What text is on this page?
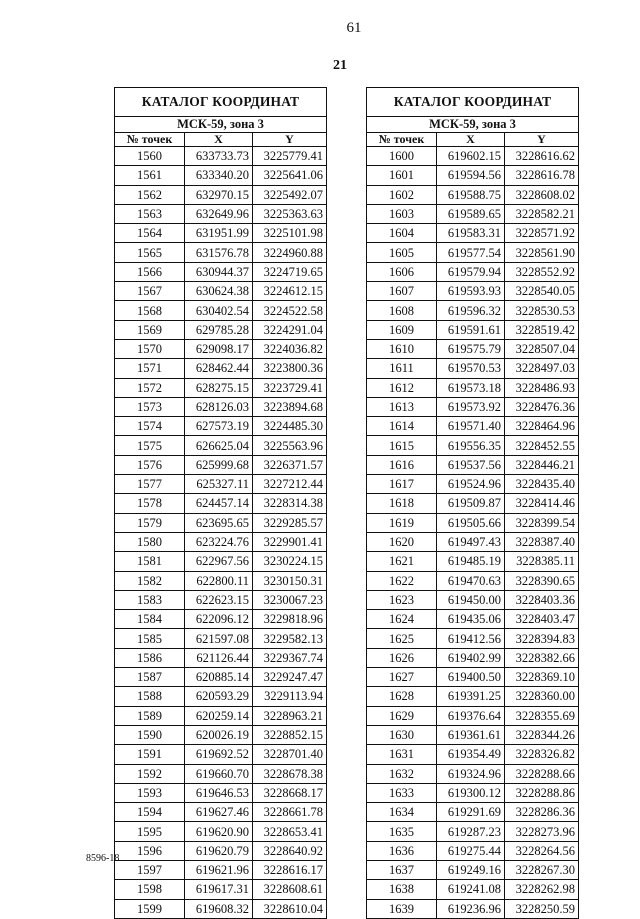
61
21
КАТАЛОГ КООРДИНАТ		
МСК-59, зона 3		
№ точек	X	Y
1560	633733.73	3225779.41
1561	633340.20	3225641.06
1562	632970.15	3225492.07
1563	632649.96	3225363.63
1564	631951.99	3225101.98
1565	631576.78	3224960.88
1566	630944.37	3224719.65
1567	630624.38	3224612.15
1568	630402.54	3224522.58
1569	629785.28	3224291.04
1570	629098.17	3224036.82
1571	628462.44	3223800.36
1572	628275.15	3223729.41
1573	628126.03	3223894.68
1574	627573.19	3224485.30
1575	626625.04	3225563.96
1576	625999.68	3226371.57
1577	625327.11	3227212.44
1578	624457.14	3228314.38
1579	623695.65	3229285.57
1580	623224.76	3229901.41
1581	622967.56	3230224.15
1582	622800.11	3230150.31
1583	622623.15	3230067.23
1584	622096.12	3229818.96
1585	621597.08	3229582.13
1586	621126.44	3229367.74
1587	620885.14	3229247.47
1588	620593.29	3229113.94
1589	620259.14	3228963.21
1590	620026.19	3228852.15
1591	619692.52	3228701.40
1592	619660.70	3228678.38
1593	619646.53	3228668.17
1594	619627.46	3228661.78
1595	619620.90	3228653.41
1596	619620.79	3228640.92
1597	619621.96	3228616.17
1598	619617.31	3228608.61
1599	619608.32	3228610.04
КАТАЛОГ КООРДИНАТ		
МСК-59, зона 3		
№ точек	X	Y
1600	619602.15	3228616.62
1601	619594.56	3228616.78
1602	619588.75	3228608.02
1603	619589.65	3228582.21
1604	619583.31	3228571.92
1605	619577.54	3228561.90
1606	619579.94	3228552.92
1607	619593.93	3228540.05
1608	619596.32	3228530.53
1609	619591.61	3228519.42
1610	619575.79	3228507.04
1611	619570.53	3228497.03
1612	619573.18	3228486.93
1613	619573.92	3228476.36
1614	619571.40	3228464.96
1615	619556.35	3228452.55
1616	619537.56	3228446.21
1617	619524.96	3228435.40
1618	619509.87	3228414.46
1619	619505.66	3228399.54
1620	619497.43	3228387.40
1621	619485.19	3228385.11
1622	619470.63	3228390.65
1623	619450.00	3228403.36
1624	619435.06	3228403.47
1625	619412.56	3228394.83
1626	619402.99	3228382.66
1627	619400.50	3228369.10
1628	619391.25	3228360.00
1629	619376.64	3228355.69
1630	619361.61	3228344.26
1631	619354.49	3228326.82
1632	619324.96	3228288.66
1633	619300.12	3228288.86
1634	619291.69	3228286.36
1635	619287.23	3228273.96
1636	619275.44	3228264.56
1637	619249.16	3228267.30
1638	619241.08	3228262.98
1639	619236.96	3228250.59
8596-18
